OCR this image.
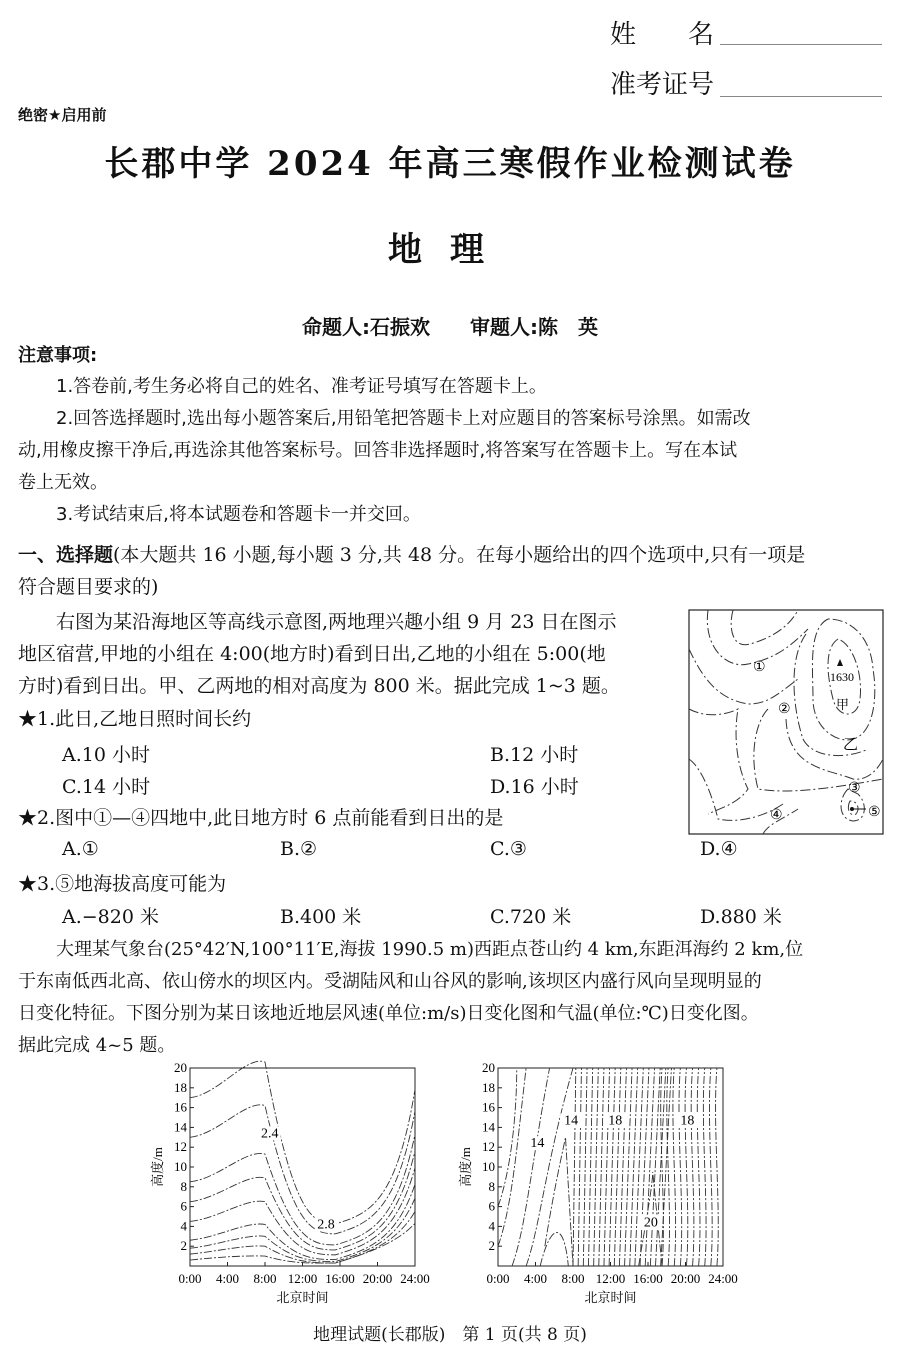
姓　　名
准考证号
绝密★启用前
长郡中学 2024 年高三寒假作业检测试卷
地理
命题人:石振欢　　审题人:陈　英
注意事项:
1.答卷前,考生务必将自己的姓名、准考证号填写在答题卡上。
2.回答选择题时,选出每小题答案后,用铅笔把答题卡上对应题目的答案标号涂黑。如需改
动,用橡皮擦干净后,再选涂其他答案标号。回答非选择题时,将答案写在答题卡上。写在本试
卷上无效。
3.考试结束后,将本试题卷和答题卡一并交回。
一、选择题(本大题共 16 小题,每小题 3 分,共 48 分。在每小题给出的四个选项中,只有一项是
符合题目要求的)
右图为某沿海地区等高线示意图,两地理兴趣小组 9 月 23 日在图示
地区宿营,甲地的小组在 4:00(地方时)看到日出,乙地的小组在 5:00(地
方时)看到日出。甲、乙两地的相对高度为 800 米。据此完成 1~3 题。	1630
甲
乙
①
②
③
④	⑤
★1.此日,乙地日照时间长约
A.10 小时	B.12 小时
C.14 小时	D.16 小时
★2.图中①—④四地中,此日地方时 6 点前能看到日出的是
A.①	B.②	C.③	D.④
★3.⑤地海拔高度可能为
A.−820 米	B.400 米	C.720 米	D.880 米
大理某气象台(25°42′N,100°11′E,海拔 1990.5 m)西距点苍山约 4 km,东距洱海约 2 km,位
于东南低西北高、依山傍水的坝区内。受湖陆风和山谷风的影响,该坝区内盛行风向呈现明显的
日变化特征。下图分别为某日该地近地层风速(单位:m/s)日变化图和气温(单位:℃)日变化图。
据此完成 4~5 题。
2
4
6
8
10
12
14
16
18
20
0:00 4:00 8:00 12:00 16:00 20:00 24:00
北京时间
高度/m
2.4
2.8
2
4
6
8
10
12
14
16
18
20
0:00 4:00 8:00 12:00 16:00 20:00 24:00
北京时间
高度/m
14
14 18	18
20
地理试题(长郡版)　第 1 页(共 8 页)
